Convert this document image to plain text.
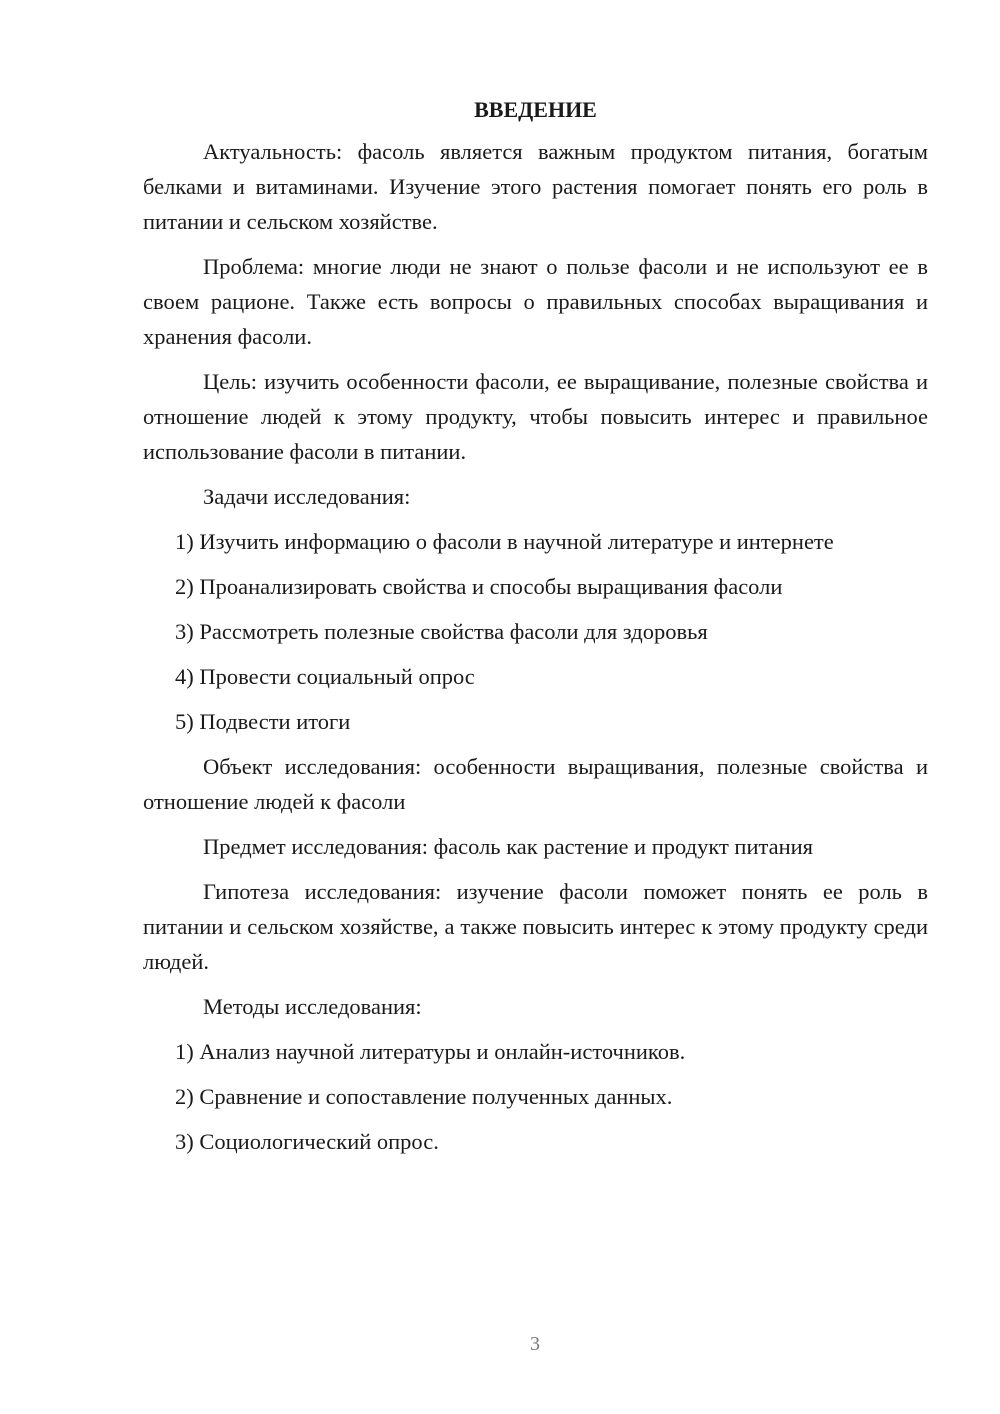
ВВЕДЕНИЕ

Актуальность: фасоль является важным продуктом питания, богатым белками и витаминами. Изучение этого растения помогает понять его роль в питании и сельском хозяйстве.

Проблема: многие люди не знают о пользе фасоли и не используют ее в своем рационе. Также есть вопросы о правильных способах выращивания и хранения фасоли.

Цель: изучить особенности фасоли, ее выращивание, полезные свойства и отношение людей к этому продукту, чтобы повысить интерес и правильное использование фасоли в питании.

Задачи исследования:

1) Изучить информацию о фасоли в научной литературе и интернете
2) Проанализировать свойства и способы выращивания фасоли
3) Рассмотреть полезные свойства фасоли для здоровья
4) Провести социальный опрос
5) Подвести итоги

Объект исследования: особенности выращивания, полезные свойства и отношение людей к фасоли

Предмет исследования: фасоль как растение и продукт питания

Гипотеза исследования: изучение фасоли поможет понять ее роль в питании и сельском хозяйстве, а также повысить интерес к этому продукту среди людей.

Методы исследования:

1) Анализ научной литературы и онлайн-источников.
2) Сравнение и сопоставление полученных данных.
3) Социологический опрос.
3
